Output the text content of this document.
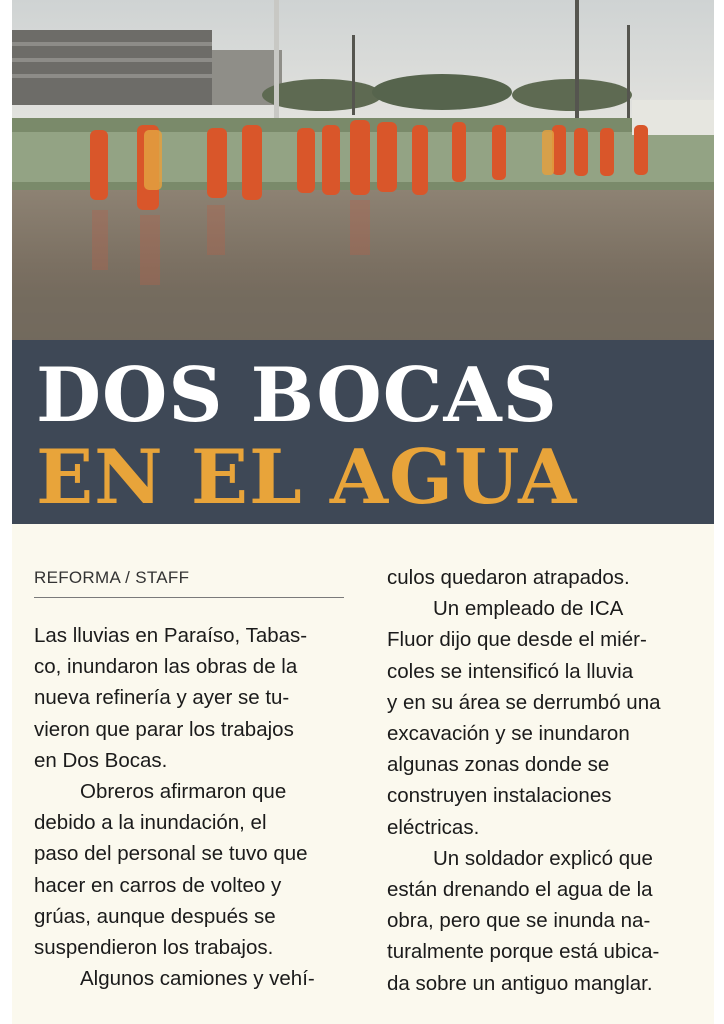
DOS BOCAS
EN EL AGUA
REFORMA / STAFF
Las lluvias en Paraíso, Tabas-
co, inundaron las obras de la
nueva refinería y ayer se tu-
vieron que parar los trabajos
en Dos Bocas.
Obreros afirmaron que
debido a la inundación, el
paso del personal se tuvo que
hacer en carros de volteo y
grúas, aunque después se
suspendieron los trabajos.
Algunos camiones y vehí-
culos quedaron atrapados.
Un empleado de ICA
Fluor dijo que desde el miér-
coles se intensificó la lluvia
y en su área se derrumbó una
excavación y se inundaron
algunas zonas donde se
construyen instalaciones
eléctricas.
Un soldador explicó que
están drenando el agua de la
obra, pero que se inunda na-
turalmente porque está ubica-
da sobre un antiguo manglar.
